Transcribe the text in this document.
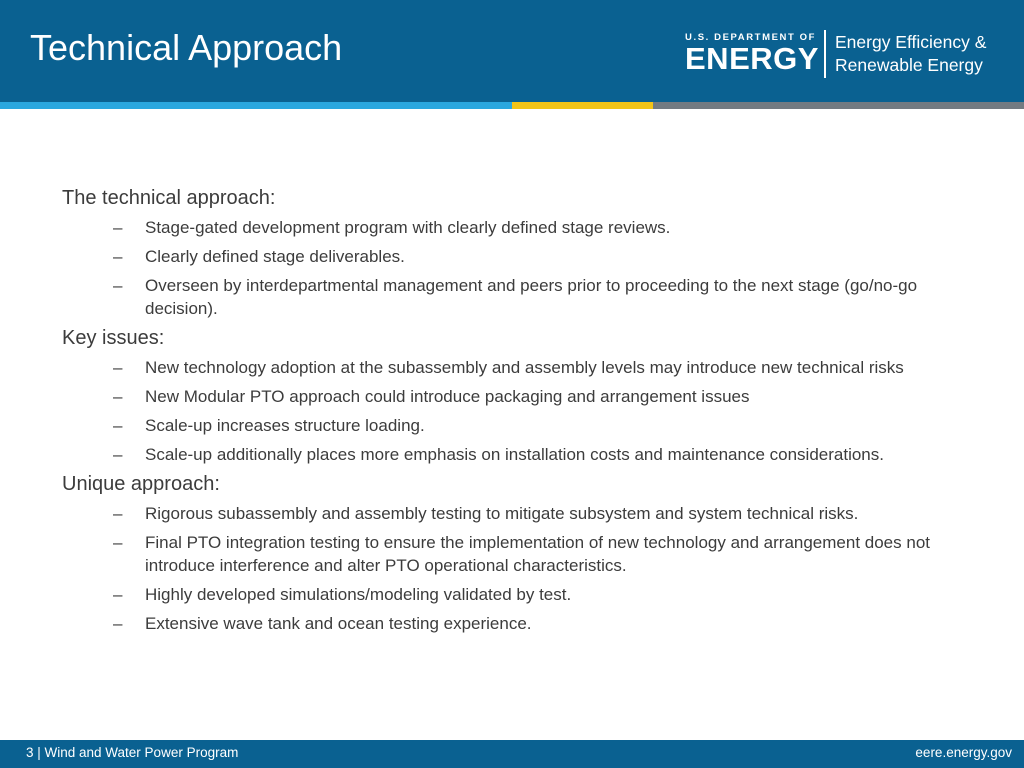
Technical Approach	U.S. DEPARTMENT OF
ENERGY Energy Efficiency &
Renewable Energy

The technical approach:

– Stage-gated development program with clearly defined stage reviews.
– Clearly defined stage deliverables.
– Overseen by interdepartmental management and peers prior to proceeding to the next stage (go/no-go decision).

Key issues:

– New technology adoption at the subassembly and assembly levels may introduce new technical risks
– New Modular PTO approach could introduce packaging and arrangement issues
– Scale-up increases structure loading.
– Scale-up additionally places more emphasis on installation costs and maintenance considerations.

Unique approach:

– Rigorous subassembly and assembly testing to mitigate subsystem and system technical risks.
– Final PTO integration testing to ensure the implementation of new technology and arrangement does not introduce interference and alter PTO operational characteristics.
– Highly developed simulations/modeling validated by test.
– Extensive wave tank and ocean testing experience.
3 | Wind and Water Power Program	eere.energy.gov
